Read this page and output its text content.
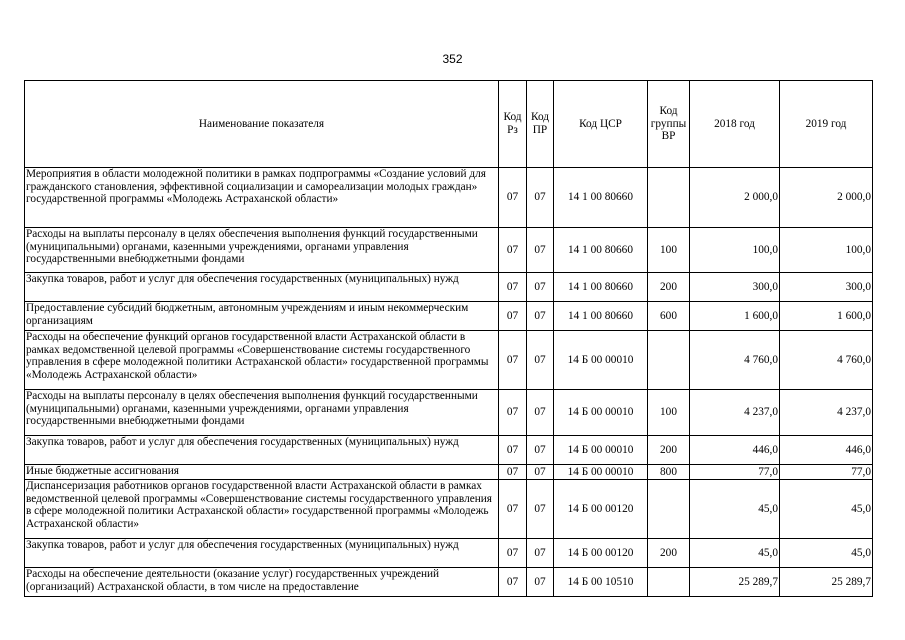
352
Наименование показателя	Код Рз	Код ПР	Код ЦСР	Код группы ВР	2018 год	2019 год
Мероприятия в области молодежной политики в рамках подпрограммы «Создание условий для гражданского становления, эффективной социализации и самореализации молодых граждан» государственной программы «Молодежь Астраханской области»	07	07	14 1 00 80660		2 000,0	2 000,0
Расходы на выплаты персоналу в целях обеспечения выполнения функций государственными (муниципальными) органами, казенными учреждениями, органами управления государственными внебюджетными фондами	07	07	14 1 00 80660	100	100,0	100,0
Закупка товаров, работ и услуг для обеспечения государственных (муниципальных) нужд	07	07	14 1 00 80660	200	300,0	300,0
Предоставление субсидий бюджетным, автономным учреждениям и иным некоммерческим организациям	07	07	14 1 00 80660	600	1 600,0	1 600,0
Расходы на обеспечение функций органов государственной власти Астраханской области в рамках ведомственной целевой программы «Совершенствование системы государственного управления в сфере молодежной политики Астраханской области» государственной программы «Молодежь Астраханской области»	07	07	14 Б 00 00010		4 760,0	4 760,0
Расходы на выплаты персоналу в целях обеспечения выполнения функций государственными (муниципальными) органами, казенными учреждениями, органами управления государственными внебюджетными фондами	07	07	14 Б 00 00010	100	4 237,0	4 237,0
Закупка товаров, работ и услуг для обеспечения государственных (муниципальных) нужд	07	07	14 Б 00 00010	200	446,0	446,0
Иные бюджетные ассигнования	07	07	14 Б 00 00010	800	77,0	77,0
Диспансеризация работников органов государственной власти Астраханской области в рамках ведомственной целевой программы «Совершенствование системы государственного управления в сфере молодежной политики Астраханской области» государственной программы «Молодежь Астраханской области»	07	07	14 Б 00 00120		45,0	45,0
Закупка товаров, работ и услуг для обеспечения государственных (муниципальных) нужд	07	07	14 Б 00 00120	200	45,0	45,0
Расходы на обеспечение деятельности (оказание услуг) государственных учреждений (организаций) Астраханской области, в том числе на предоставление	07	07	14 Б 00 10510		25 289,7	25 289,7
